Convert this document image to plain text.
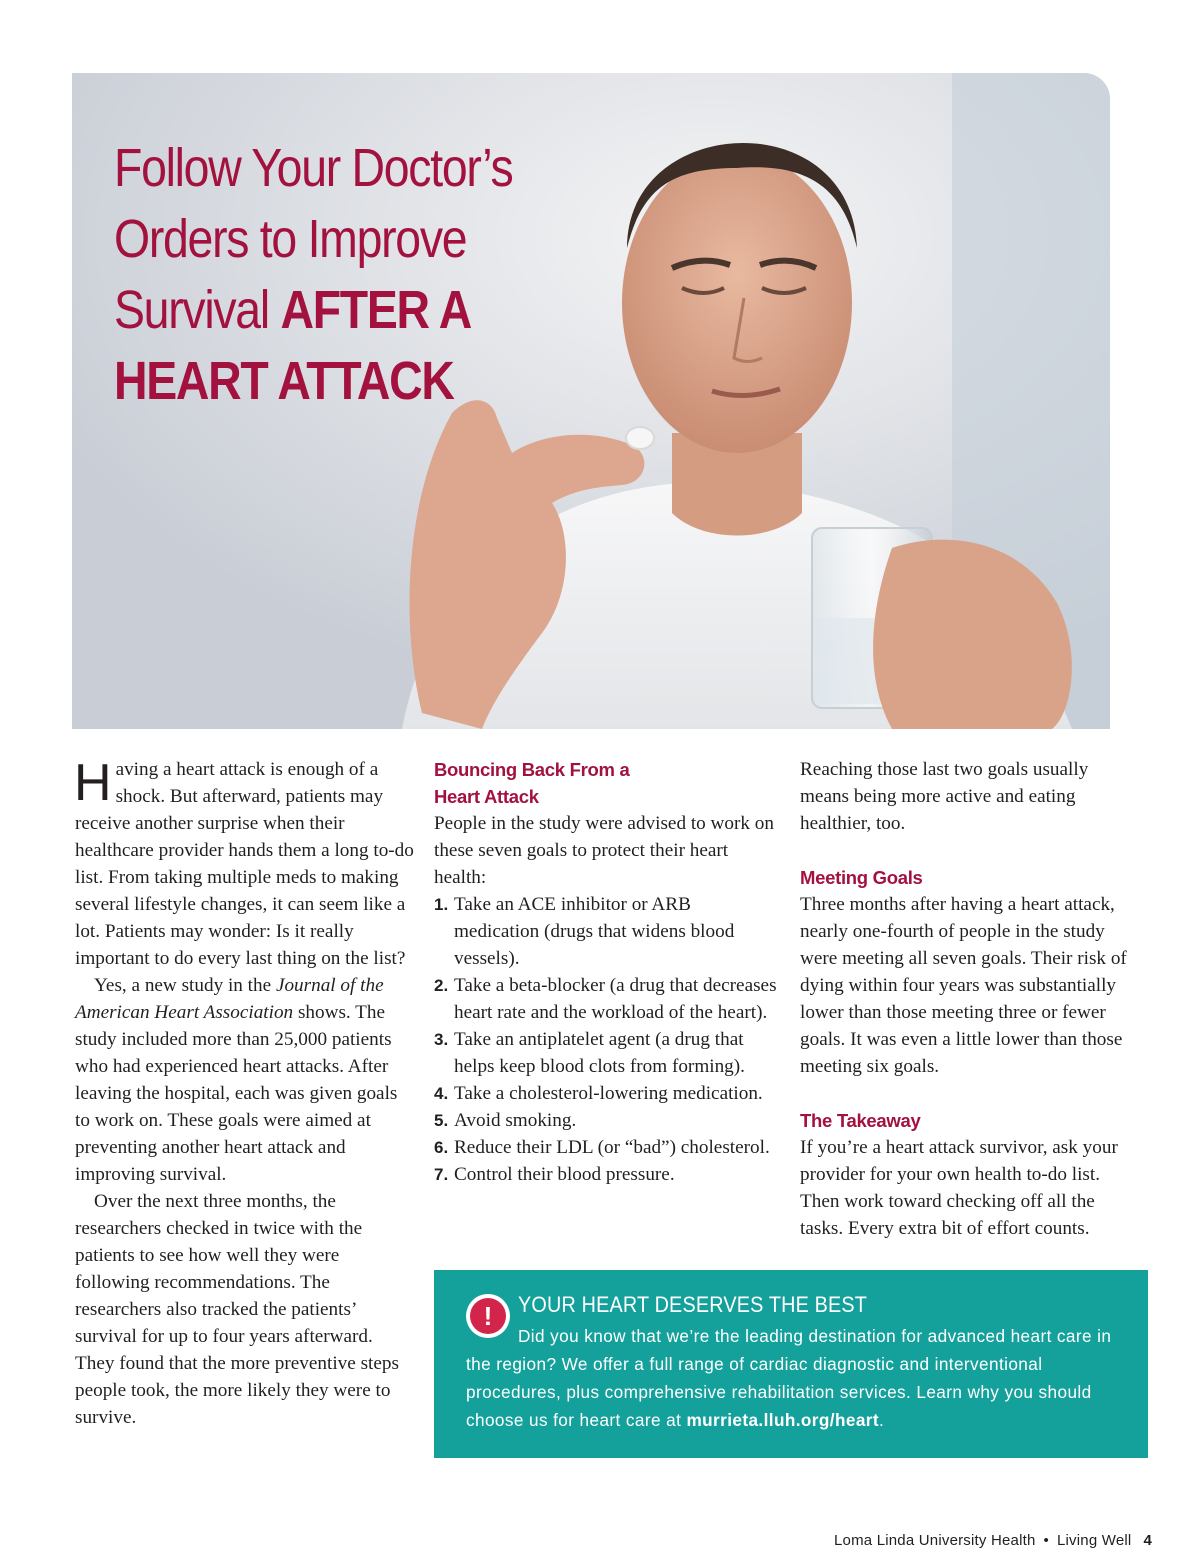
Follow Your Doctor’s
Orders to Improve
Survival AFTER A
HEART ATTACK

Having a heart attack is enough of a shock. But afterward, patients may receive another surprise when their healthcare provider hands them a long to-do list. From taking multiple meds to making several lifestyle changes, it can seem like a lot. Patients may wonder: Is it really important to do every last thing on the list?

Yes, a new study in the Journal of the American Heart Association shows. The study included more than 25,000 patients who had experienced heart attacks. After leaving the hospital, each was given goals to work on. These goals were aimed at preventing another heart attack and improving survival.

Over the next three months, the researchers checked in twice with the patients to see how well they were following recommendations. The researchers also tracked the patients’ survival for up to four years afterward. They found that the more preventive steps people took, the more likely they were to survive.

Bouncing Back From a
Heart Attack

People in the study were advised to work on these seven goals to protect their heart health:

1. Take an ACE inhibitor or ARB medication (drugs that widens blood vessels).
2. Take a beta-blocker (a drug that decreases heart rate and the workload of the heart).
3. Take an antiplatelet agent (a drug that helps keep blood clots from forming).
4. Take a cholesterol-lowering medication.
5. Avoid smoking.
6. Reduce their LDL (or “bad”) cholesterol.
7. Control their blood pressure.

Reaching those last two goals usually means being more active and eating healthier, too.

Meeting Goals

Three months after having a heart attack, nearly one-fourth of people in the study were meeting all seven goals. Their risk of dying within four years was substantially lower than those meeting three or fewer goals. It was even a little lower than those meeting six goals.

The Takeaway

If you’re a heart attack survivor, ask your provider for your own health to-do list. Then work toward checking off all the tasks. Every extra bit of effort counts.

!	YOUR HEART DESERVES THE BEST
Did you know that we’re the leading destination for advanced heart care in the region? We offer a full range of cardiac diagnostic and interventional procedures, plus comprehensive rehabilitation services. Learn why you should choose us for heart care at murrieta.lluh.org/heart.
Loma Linda University Health • Living Well 4
